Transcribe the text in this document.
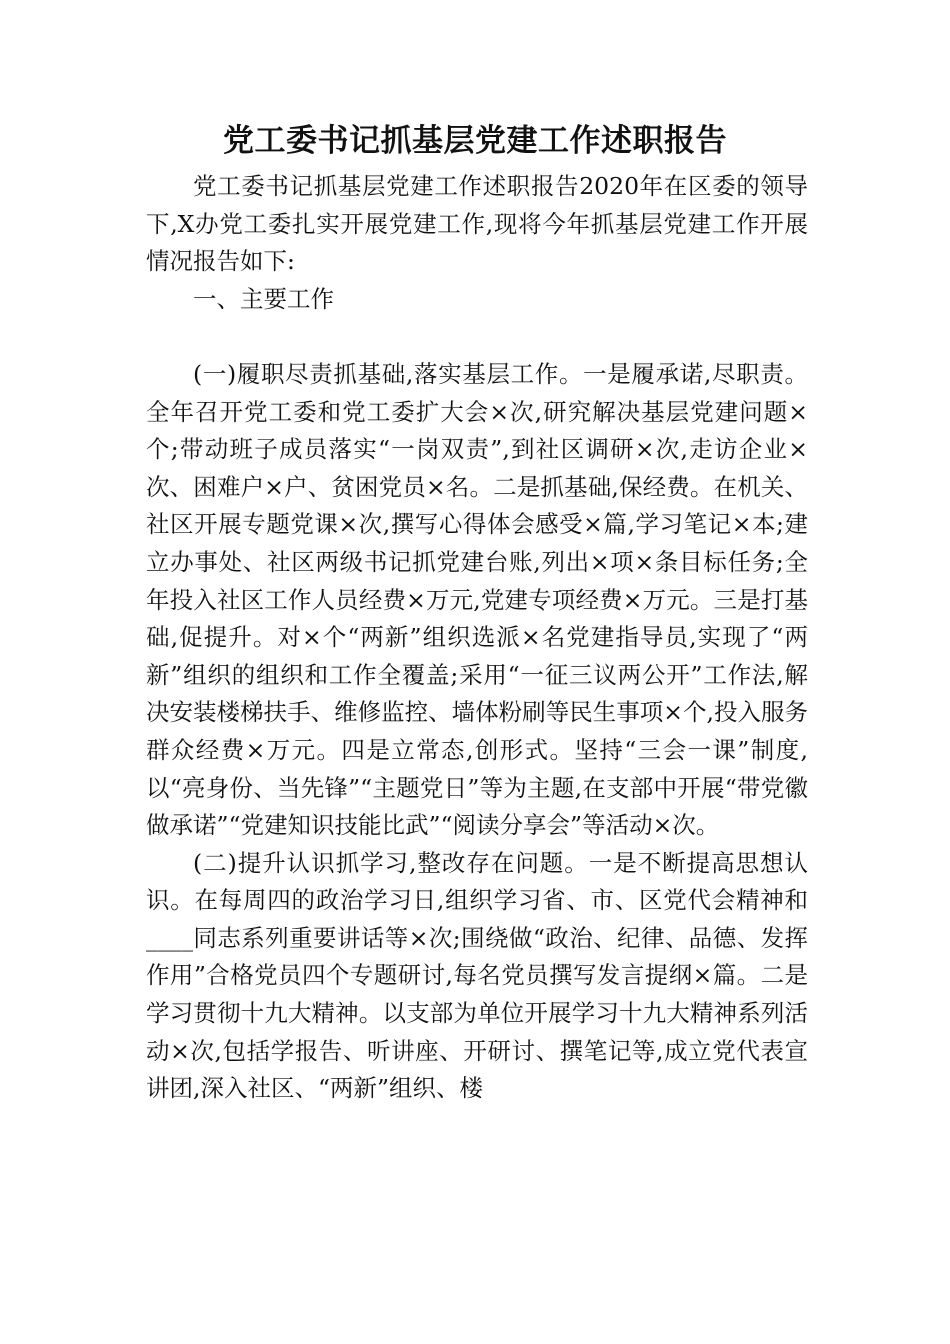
党工委书记抓基层党建工作述职报告

党工委书记抓基层党建工作述职报告2020年在区委的领导下,X办党工委扎实开展党建工作,现将今年抓基层党建工作开展情况报告如下:

一、主要工作

(一)履职尽责抓基础,落实基层工作。一是履承诺,尽职责。全年召开党工委和党工委扩大会×次,研究解决基层党建问题×个;带动班子成员落实“一岗双责”,到社区调研×次,走访企业×次、困难户×户、贫困党员×名。二是抓基础,保经费。在机关、社区开展专题党课×次,撰写心得体会感受×篇,学习笔记×本;建立办事处、社区两级书记抓党建台账,列出×项×条目标任务;全年投入社区工作人员经费×万元,党建专项经费×万元。三是打基础,促提升。对×个“两新”组织选派×名党建指导员,实现了“两新”组织的组织和工作全覆盖;采用“一征三议两公开”工作法,解决安装楼梯扶手、维修监控、墙体粉刷等民生事项×个,投入服务群众经费×万元。四是立常态,创形式。坚持“三会一课”制度,以“亮身份、当先锋”“主题党日”等为主题,在支部中开展“带党徽做承诺”“党建知识技能比武”“阅读分享会”等活动×次。

(二)提升认识抓学习,整改存在问题。一是不断提高思想认识。在每周四的政治学习日,组织学习省、市、区党代会精神和____同志系列重要讲话等×次;围绕做“政治、纪律、品德、发挥作用”合格党员四个专题研讨,每名党员撰写发言提纲×篇。二是学习贯彻十九大精神。以支部为单位开展学习十九大精神系列活动×次,包括学报告、听讲座、开研讨、撰笔记等,成立党代表宣讲团,深入社区、“两新”组织、楼
